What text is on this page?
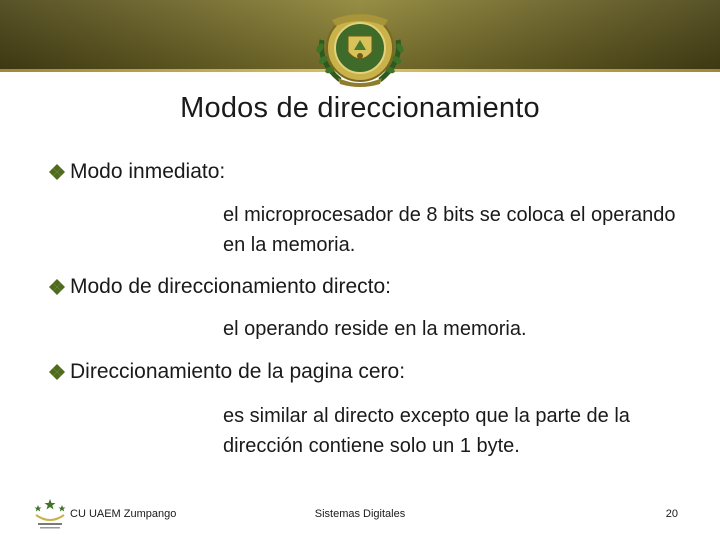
Modos de direccionamiento
Modo inmediato:
el microprocesador de 8 bits se coloca el operando en la memoria.
Modo de direccionamiento directo:
el operando reside en la memoria.
Direccionamiento de la pagina cero:
es similar al directo excepto que la parte de la dirección contiene solo un 1 byte.
CU UAEM Zumpango	Sistemas Digitales	20
